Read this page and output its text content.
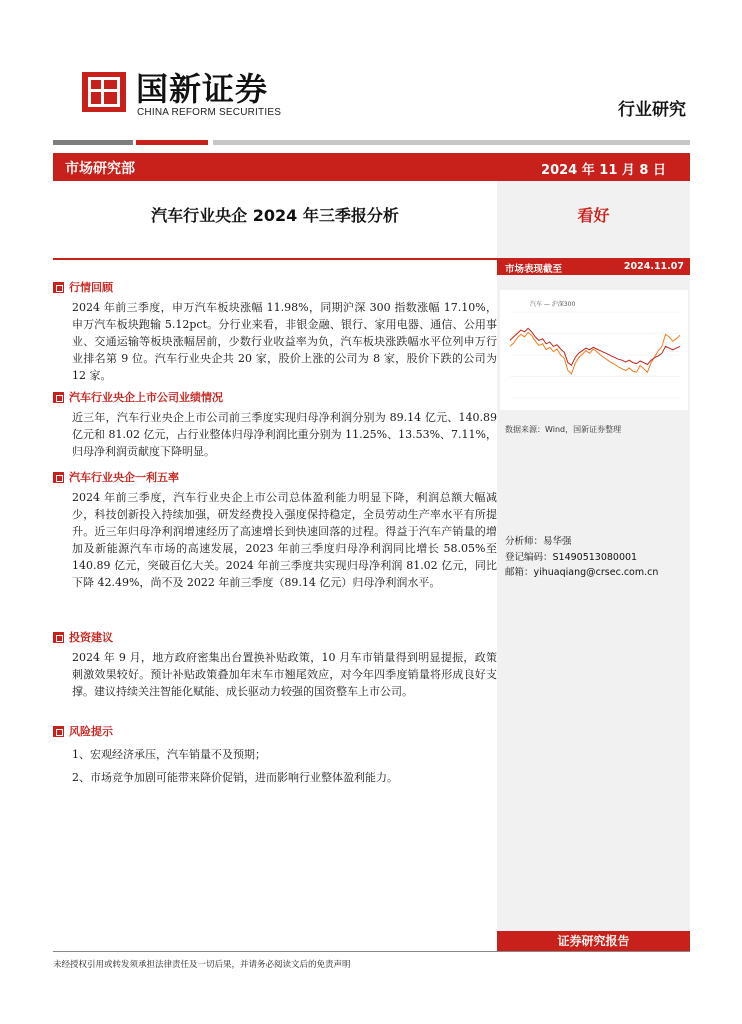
国新证券
CHINA REFORM SECURITIES	行业研究
市场研究部	2024 年 11 月 8 日
汽车行业央企 2024 年三季报分析	看好
市场表现截至	2024.11.07
汽车 — 沪深300
数据来源：Wind，国新证券整理
分析师：易华强
登记编码：S1490513080001
邮箱：yihuaqiang@crsec.com.cn
行情回顾

2024 年前三季度，申万汽车板块涨幅 11.98%，同期沪深 300 指数涨幅 17.10%，申万汽车板块跑输 5.12pct。分行业来看，非银金融、银行、家用电器、通信、公用事业、交通运输等板块涨幅居前，少数行业收益率为负，汽车板块涨跌幅水平位列申万行业排名第 9 位。汽车行业央企共 20 家，股价上涨的公司为 8 家，股价下跌的公司为 12 家。

汽车行业央企上市公司业绩情况

近三年，汽车行业央企上市公司前三季度实现归母净利润分别为 89.14 亿元、140.89 亿元和 81.02 亿元，占行业整体归母净利润比重分别为 11.25%、13.53%、7.11%，归母净利润贡献度下降明显。

汽车行业央企一利五率

2024 年前三季度，汽车行业央企上市公司总体盈利能力明显下降，利润总额大幅减少，科技创新投入持续加强，研发经费投入强度保持稳定，全员劳动生产率水平有所提升。近三年归母净利润增速经历了高速增长到快速回落的过程。得益于汽车产销量的增加及新能源汽车市场的高速发展，2023 年前三季度归母净利润同比增长 58.05%至 140.89 亿元，突破百亿大关。2024 年前三季度共实现归母净利润 81.02 亿元，同比下降 42.49%，尚不及 2022 年前三季度（89.14 亿元）归母净利润水平。

投资建议

2024 年 9 月，地方政府密集出台置换补贴政策，10 月车市销量得到明显提振，政策刺激效果较好。预计补贴政策叠加年末车市翘尾效应，对今年四季度销量将形成良好支撑。建议持续关注智能化赋能、成长驱动力较强的国资整车上市公司。

风险提示

1、宏观经济承压，汽车销量不及预期；

2、市场竞争加剧可能带来降价促销，进而影响行业整体盈利能力。

证券研究报告
未经授权引用或转发须承担法律责任及一切后果，并请务必阅读文后的免责声明
